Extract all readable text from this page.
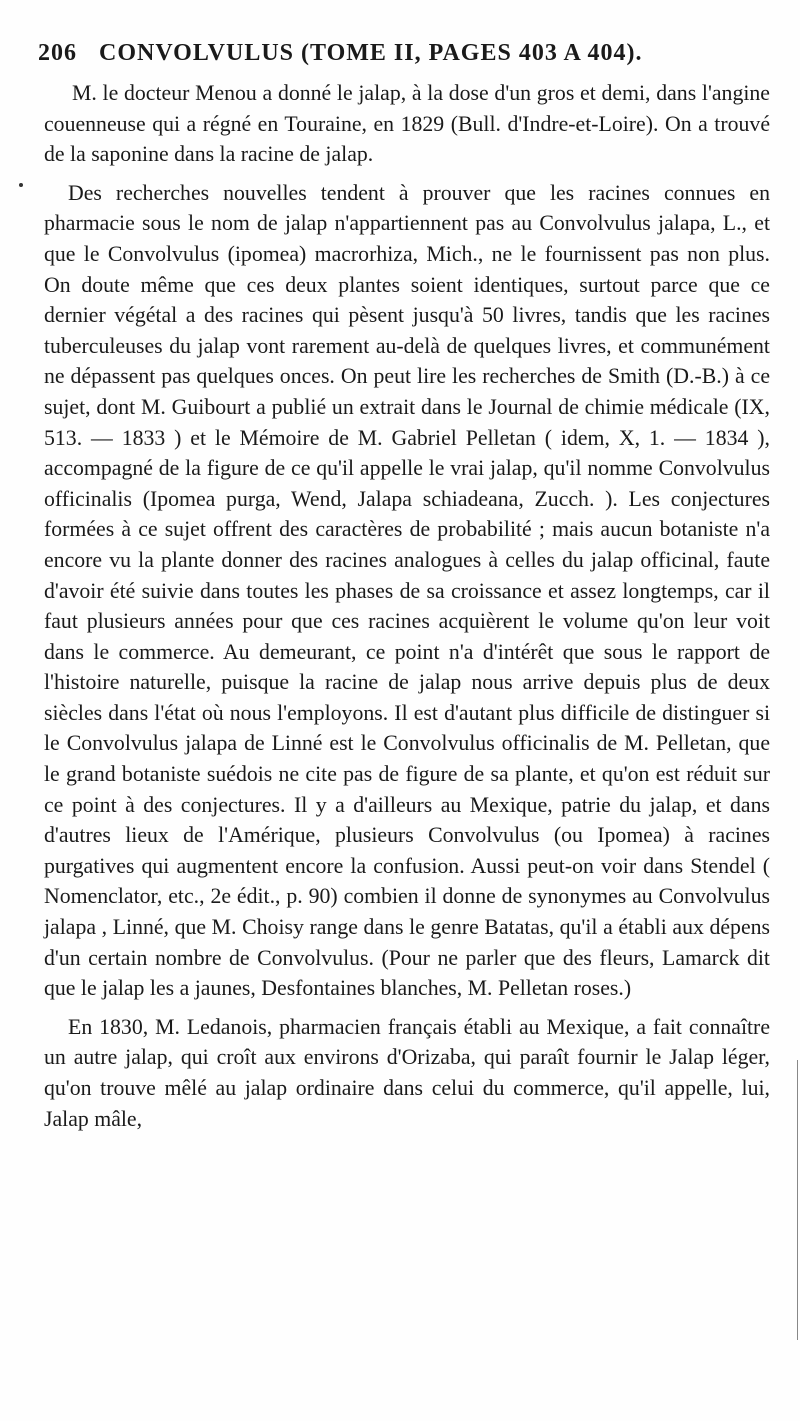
206 CONVOLVULUS (TOME II, PAGES 403 A 404).

M. le docteur Menou a donné le jalap, à la dose d'un gros et demi, dans l'angine couenneuse qui a régné en Touraine, en 1829 (Bull. d'Indre-et-Loire). On a trouvé de la saponine dans la racine de jalap.

Des recherches nouvelles tendent à prouver que les racines connues en pharmacie sous le nom de jalap n'appartiennent pas au Convolvulus jalapa, L., et que le Convolvulus (ipomea) macrorhiza, Mich., ne le fournissent pas non plus. On doute même que ces deux plantes soient identiques, surtout parce que ce dernier végétal a des racines qui pèsent jusqu'à 50 livres, tandis que les racines tuberculeuses du jalap vont rarement au-delà de quelques livres, et communément ne dépassent pas quelques onces. On peut lire les recherches de Smith (D.-B.) à ce sujet, dont M. Guibourt a publié un extrait dans le Journal de chimie médicale (IX, 513. — 1833 ) et le Mémoire de M. Gabriel Pelletan ( idem, X, 1. — 1834 ), accompagné de la figure de ce qu'il appelle le vrai jalap, qu'il nomme Convolvulus officinalis (Ipomea purga, Wend, Jalapa schiadeana, Zucch. ). Les conjectures formées à ce sujet offrent des caractères de probabilité ; mais aucun botaniste n'a encore vu la plante donner des racines analogues à celles du jalap officinal, faute d'avoir été suivie dans toutes les phases de sa croissance et assez longtemps, car il faut plusieurs années pour que ces racines acquièrent le volume qu'on leur voit dans le commerce. Au demeurant, ce point n'a d'intérêt que sous le rapport de l'histoire naturelle, puisque la racine de jalap nous arrive depuis plus de deux siècles dans l'état où nous l'employons. Il est d'autant plus difficile de distinguer si le Convolvulus jalapa de Linné est le Convolvulus officinalis de M. Pelletan, que le grand botaniste suédois ne cite pas de figure de sa plante, et qu'on est réduit sur ce point à des conjectures. Il y a d'ailleurs au Mexique, patrie du jalap, et dans d'autres lieux de l'Amérique, plusieurs Convolvulus (ou Ipomea) à racines purgatives qui augmentent encore la confusion. Aussi peut-on voir dans Stendel ( Nomenclator, etc., 2e édit., p. 90) combien il donne de synonymes au Convolvulus jalapa , Linné, que M. Choisy range dans le genre Batatas, qu'il a établi aux dépens d'un certain nombre de Convolvulus. (Pour ne parler que des fleurs, Lamarck dit que le jalap les a jaunes, Desfontaines blanches, M. Pelletan roses.)

En 1830, M. Ledanois, pharmacien français établi au Mexique, a fait connaître un autre jalap, qui croît aux environs d'Orizaba, qui paraît fournir le Jalap léger, qu'on trouve mêlé au jalap ordinaire dans celui du commerce, qu'il appelle, lui, Jalap mâle,
